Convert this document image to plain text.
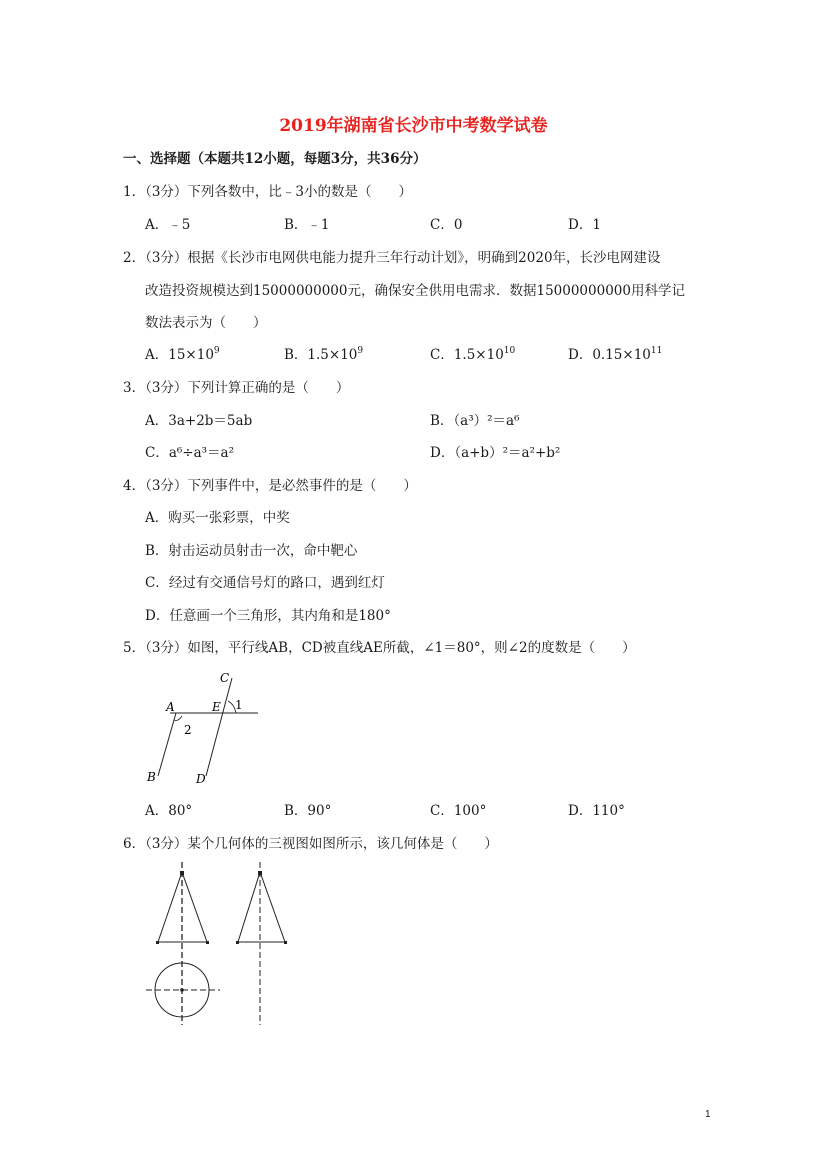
2019年湖南省长沙市中考数学试卷
一、选择题（本题共12小题，每题3分，共36分）
1．（3分）下列各数中，比﹣3小的数是（　　）
A．﹣5	B．﹣1	C．0	D．1
2．（3分）根据《长沙市电网供电能力提升三年行动计划》，明确到2020年，长沙电网建设
改造投资规模达到15000000000元，确保安全供用电需求．数据15000000000用科学记
数法表示为（　　）
A．$15\times 10^9$	B．$1.5\times 10^9$	C．$1.5\times 10^{10}$	D．$0.15\times 10^{11}$
3．（3分）下列计算正确的是（　　）
A．3a+2b＝5ab	B．（a³）²＝a⁶
C．a⁶÷a³＝a²	D．（a+b）²＝a²+b²
4．（3分）下列事件中，是必然事件的是（　　）
A．购买一张彩票，中奖
B．射击运动员射击一次，命中靶心
C．经过有交通信号灯的路口，遇到红灯
D．任意画一个三角形，其内角和是180°
5．（3分）如图，平行线AB，CD被直线AE所截，∠1＝80°，则∠2的度数是（　　）
C
A	E 1
2
B	D
A．80°	B．90°	C．100°	D．110°
6．（3分）某个几何体的三视图如图所示，该几何体是（　　）
1
